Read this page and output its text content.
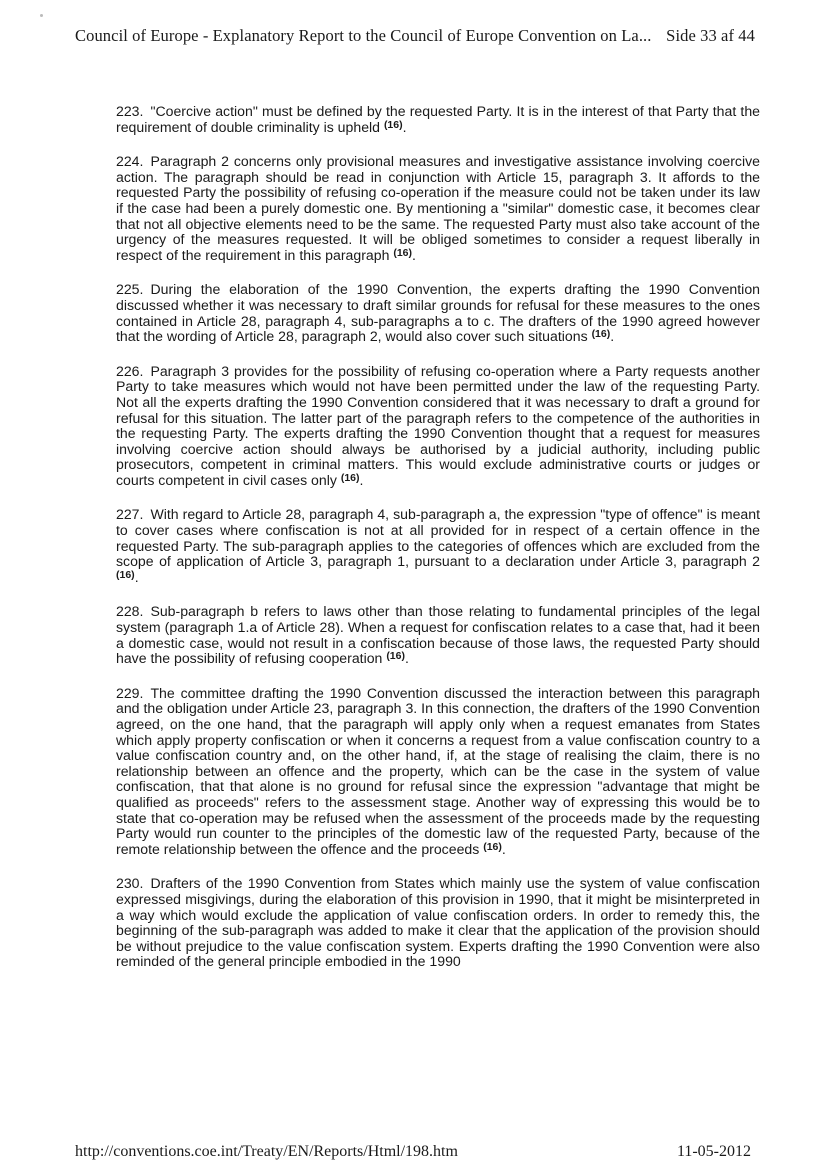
Council of Europe - Explanatory Report to the Council of Europe Convention on La... Side 33 af 44

223. "Coercive action" must be defined by the requested Party. It is in the interest of that Party that the requirement of double criminality is upheld $^{(16)}$.

224. Paragraph 2 concerns only provisional measures and investigative assistance involving coercive action. The paragraph should be read in conjunction with Article 15, paragraph 3. It affords to the requested Party the possibility of refusing co-operation if the measure could not be taken under its law if the case had been a purely domestic one. By mentioning a "similar" domestic case, it becomes clear that not all objective elements need to be the same. The requested Party must also take account of the urgency of the measures requested. It will be obliged sometimes to consider a request liberally in respect of the requirement in this paragraph $^{(16)}$.

225. During the elaboration of the 1990 Convention, the experts drafting the 1990 Convention discussed whether it was necessary to draft similar grounds for refusal for these measures to the ones contained in Article 28, paragraph 4, sub-paragraphs a to c. The drafters of the 1990 agreed however that the wording of Article 28, paragraph 2, would also cover such situations $^{(16)}$.

226. Paragraph 3 provides for the possibility of refusing co-operation where a Party requests another Party to take measures which would not have been permitted under the law of the requesting Party. Not all the experts drafting the 1990 Convention considered that it was necessary to draft a ground for refusal for this situation. The latter part of the paragraph refers to the competence of the authorities in the requesting Party. The experts drafting the 1990 Convention thought that a request for measures involving coercive action should always be authorised by a judicial authority, including public prosecutors, competent in criminal matters. This would exclude administrative courts or judges or courts competent in civil cases only $^{(16)}$.

227. With regard to Article 28, paragraph 4, sub-paragraph a, the expression "type of offence" is meant to cover cases where confiscation is not at all provided for in respect of a certain offence in the requested Party. The sub-paragraph applies to the categories of offences which are excluded from the scope of application of Article 3, paragraph 1, pursuant to a declaration under Article 3, paragraph 2 $^{(16)}$.

228. Sub-paragraph b refers to laws other than those relating to fundamental principles of the legal system (paragraph 1.a of Article 28). When a request for confiscation relates to a case that, had it been a domestic case, would not result in a confiscation because of those laws, the requested Party should have the possibility of refusing cooperation $^{(16)}$.

229. The committee drafting the 1990 Convention discussed the interaction between this paragraph and the obligation under Article 23, paragraph 3. In this connection, the drafters of the 1990 Convention agreed, on the one hand, that the paragraph will apply only when a request emanates from States which apply property confiscation or when it concerns a request from a value confiscation country to a value confiscation country and, on the other hand, if, at the stage of realising the claim, there is no relationship between an offence and the property, which can be the case in the system of value confiscation, that that alone is no ground for refusal since the expression "advantage that might be qualified as proceeds" refers to the assessment stage. Another way of expressing this would be to state that co-operation may be refused when the assessment of the proceeds made by the requesting Party would run counter to the principles of the domestic law of the requested Party, because of the remote relationship between the offence and the proceeds $^{(16)}$.

230. Drafters of the 1990 Convention from States which mainly use the system of value confiscation expressed misgivings, during the elaboration of this provision in 1990, that it might be misinterpreted in a way which would exclude the application of value confiscation orders. In order to remedy this, the beginning of the sub-paragraph was added to make it clear that the application of the provision should be without prejudice to the value confiscation system. Experts drafting the 1990 Convention were also reminded of the general principle embodied in the 1990

http://conventions.coe.int/Treaty/EN/Reports/Html/198.htm	11-05-2012
